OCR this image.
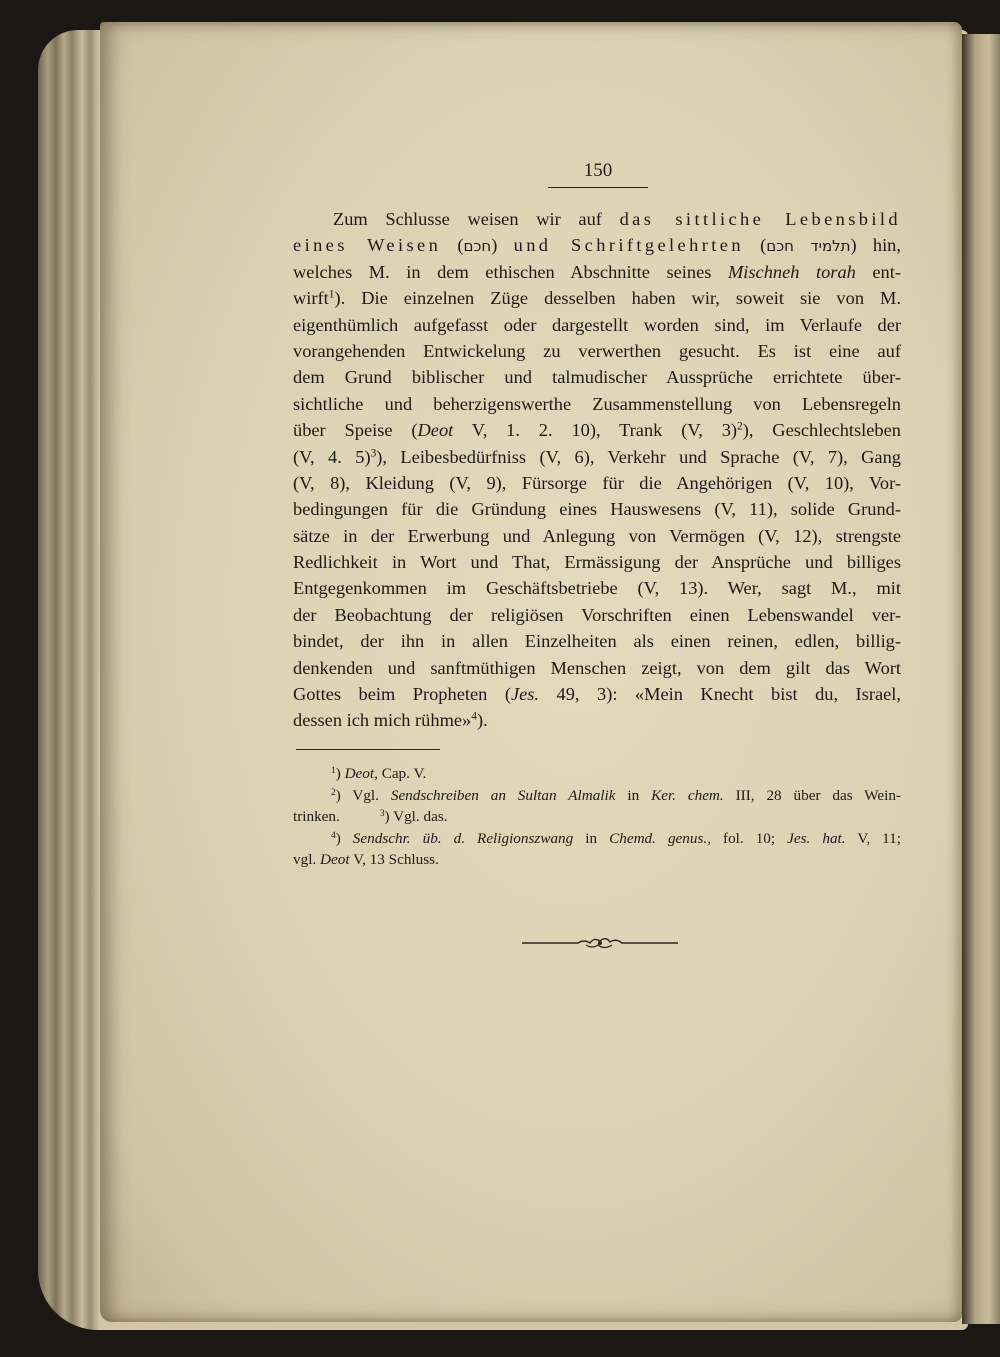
150
Zum Schlusse weisen wir auf das sittliche Lebensbild
eines Weisen (חכם) und Schriftgelehrten (תלמיד חכם) hin,
welches M. in dem ethischen Abschnitte seines Mischneh torah ent-
wirft$^1$). Die einzelnen Züge desselben haben wir, soweit sie von M.
eigenthümlich aufgefasst oder dargestellt worden sind, im Verlaufe der
vorangehenden Entwickelung zu verwerthen gesucht. Es ist eine auf
dem Grund biblischer und talmudischer Aussprüche errichtete über-
sichtliche und beherzigenswerthe Zusammenstellung von Lebensregeln
über Speise (Deot V, 1. 2. 10), Trank (V, 3)$^2$), Geschlechtsleben
(V, 4. 5)$^3$), Leibesbedürfniss (V, 6), Verkehr und Sprache (V, 7), Gang
(V, 8), Kleidung (V, 9), Fürsorge für die Angehörigen (V, 10), Vor-
bedingungen für die Gründung eines Hauswesens (V, 11), solide Grund-
sätze in der Erwerbung und Anlegung von Vermögen (V, 12), strengste
Redlichkeit in Wort und That, Ermässigung der Ansprüche und billiges
Entgegenkommen im Geschäftsbetriebe (V, 13). Wer, sagt M., mit
der Beobachtung der religiösen Vorschriften einen Lebenswandel ver-
bindet, der ihn in allen Einzelheiten als einen reinen, edlen, billig-
denkenden und sanftmüthigen Menschen zeigt, von dem gilt das Wort
Gottes beim Propheten (Jes. 49, 3): «Mein Knecht bist du, Israel,
dessen ich mich rühme»$^4$).
$^1$) Deot, Cap. V.
$^2$) Vgl. Sendschreiben an Sultan Almalik in Ker. chem. III, 28 über das Wein-
trinken.	$^3$) Vgl. das.
$^4$) Sendschr. üb. d. Religionszwang in Chemd. genus., fol. 10; Jes. hat. V, 11;
vgl. Deot V, 13 Schluss.
